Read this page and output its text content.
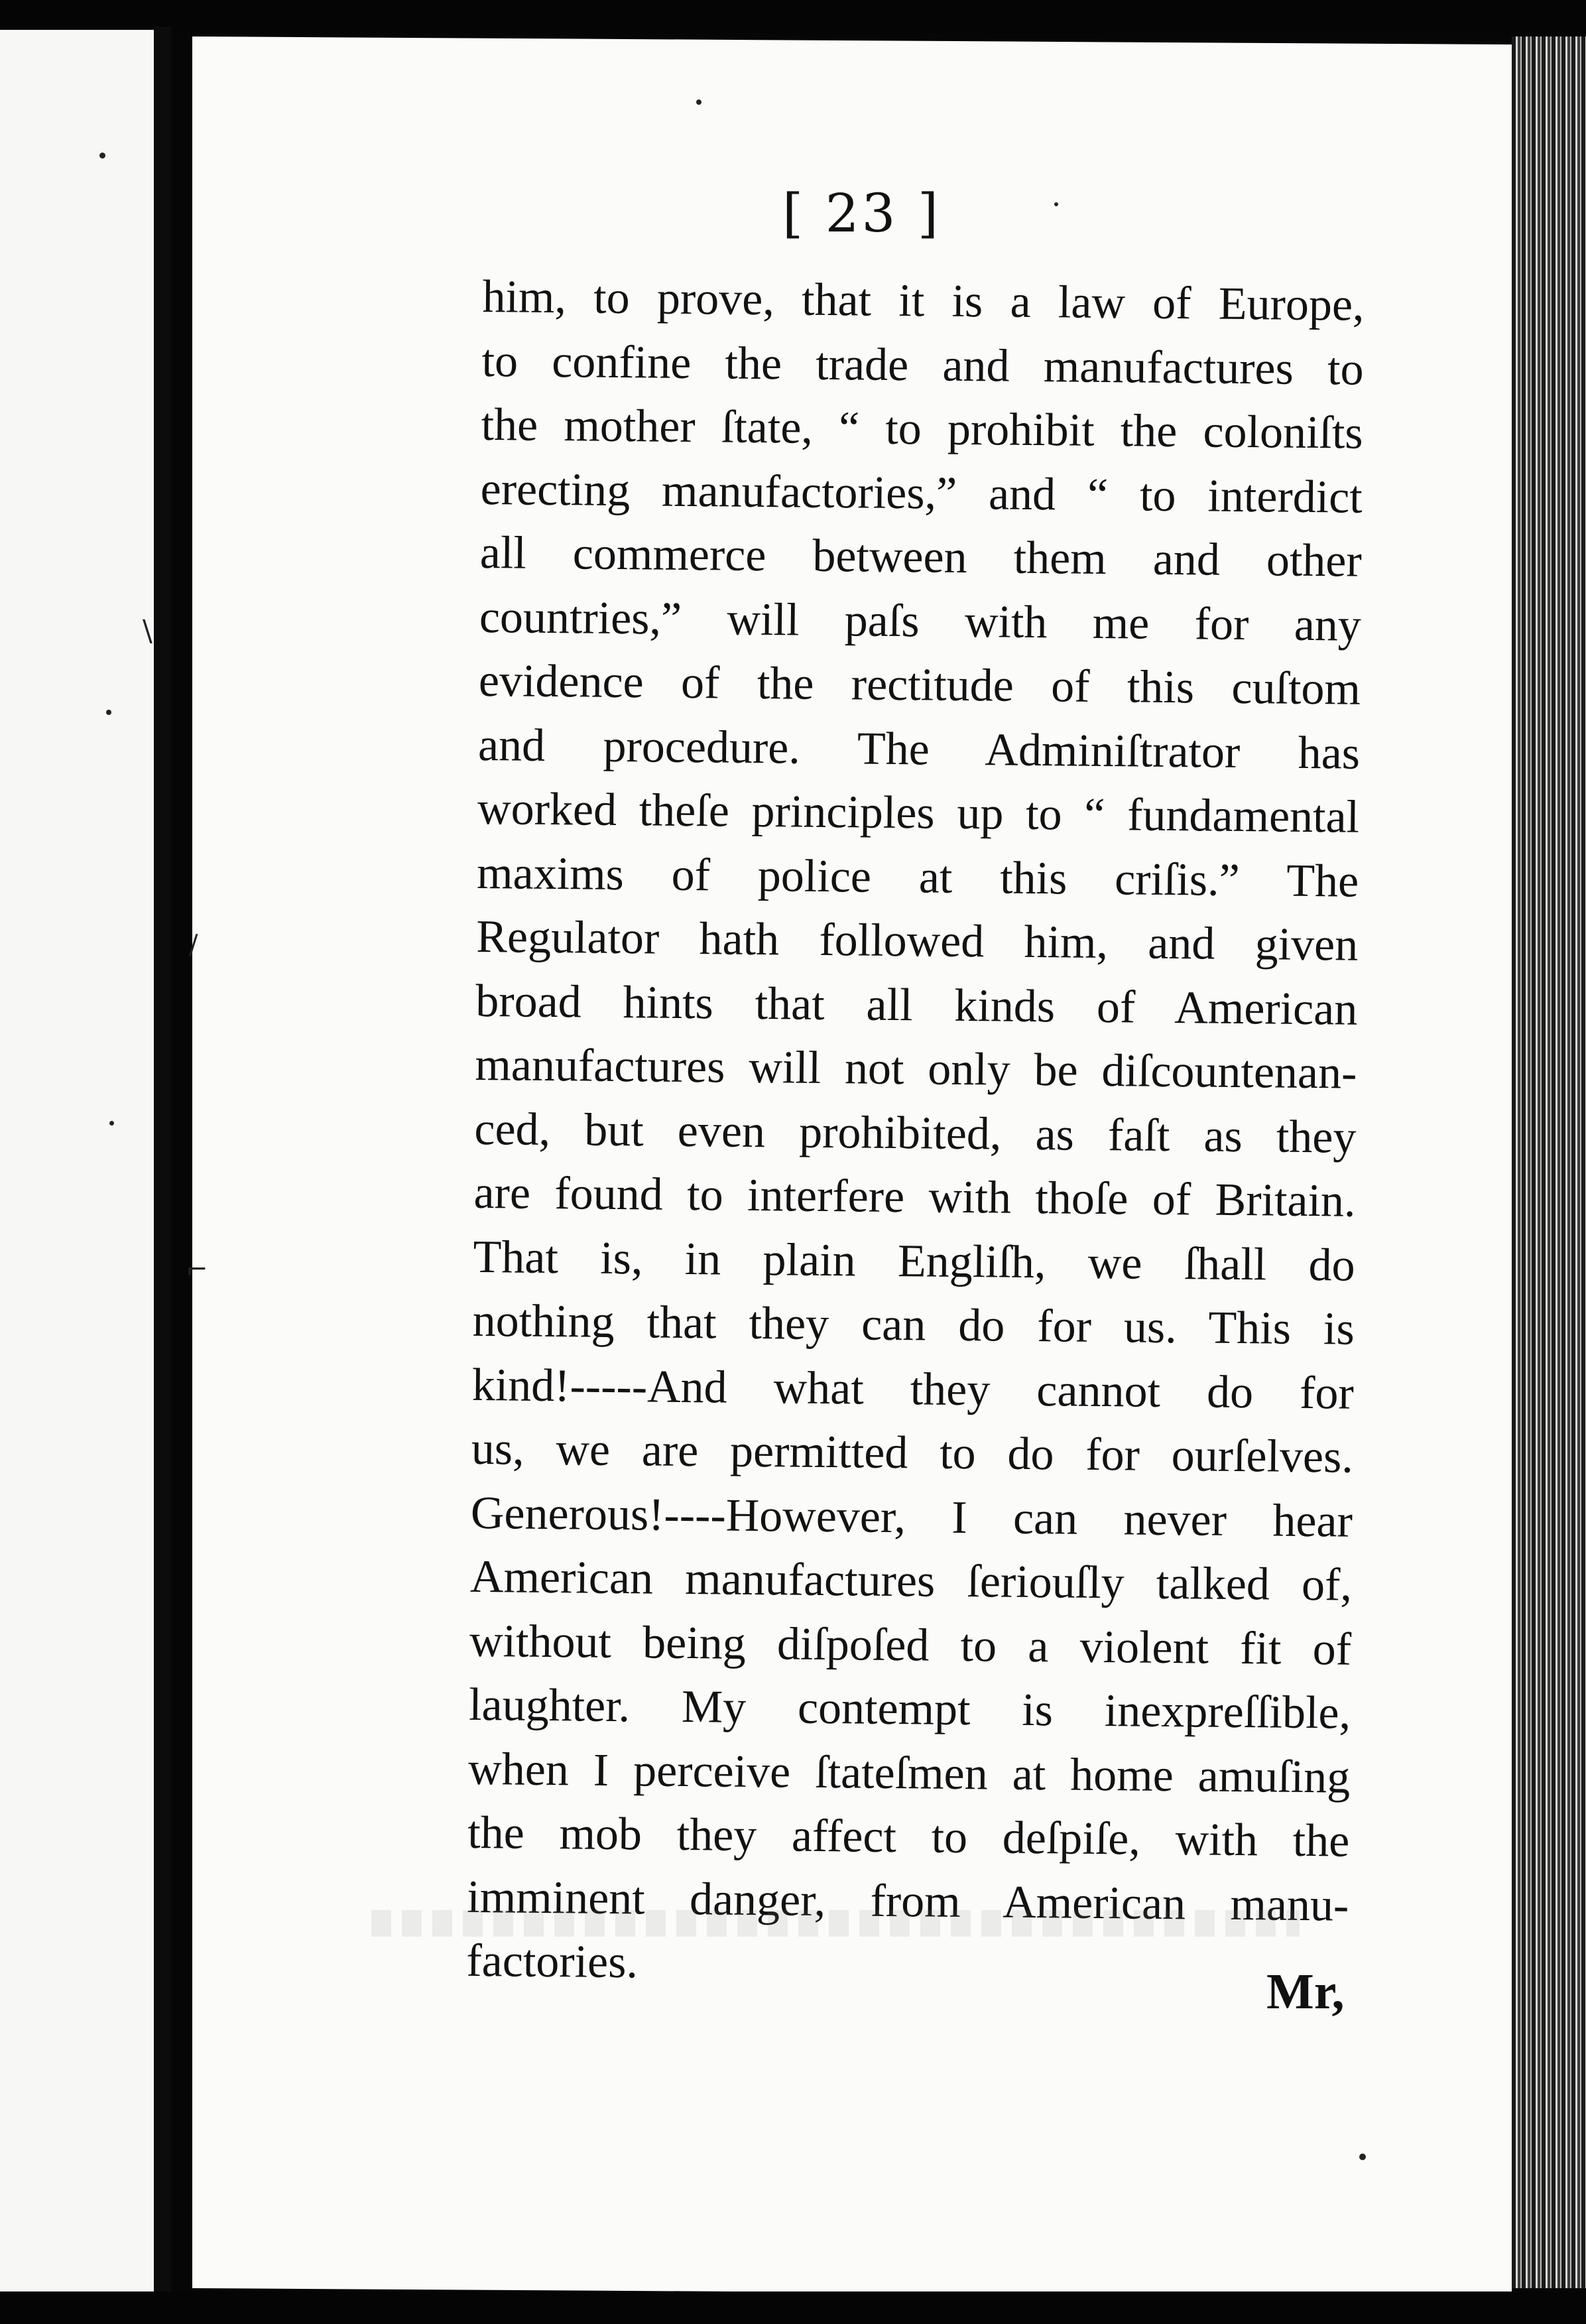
\
/
⌐
[ 23 ]
him, to prove, that it is a law of Europe,
to confine the trade and manufactures to
the mother ſtate, “ to prohibit the coloniſts
erecting manufactories,” and “ to interdict
all commerce between them and other
countries,” will paſs with me for any
evidence of the rectitude of this cuſtom
and procedure. The Adminiſtrator has
worked theſe principles up to “ fundamental
maxims of police at this criſis.” The
Regulator hath followed him, and given
broad hints that all kinds of American
manufactures will not only be diſcountenan-
ced, but even prohibited, as faſt as they
are found to interfere with thoſe of Britain.
That is, in plain Engliſh, we ſhall do
nothing that they can do for us. This is
kind!-----And what they cannot do for
us, we are permitted to do for ourſelves.
Generous!----However, I can never hear
American manufactures ſeriouſly talked of,
without being diſpoſed to a violent fit of
laughter. My contempt is inexpreſſible,
when I perceive ſtateſmen at home amuſing
the mob they affect to deſpiſe, with the
imminent danger, from American manu-
factories.
Mr,
